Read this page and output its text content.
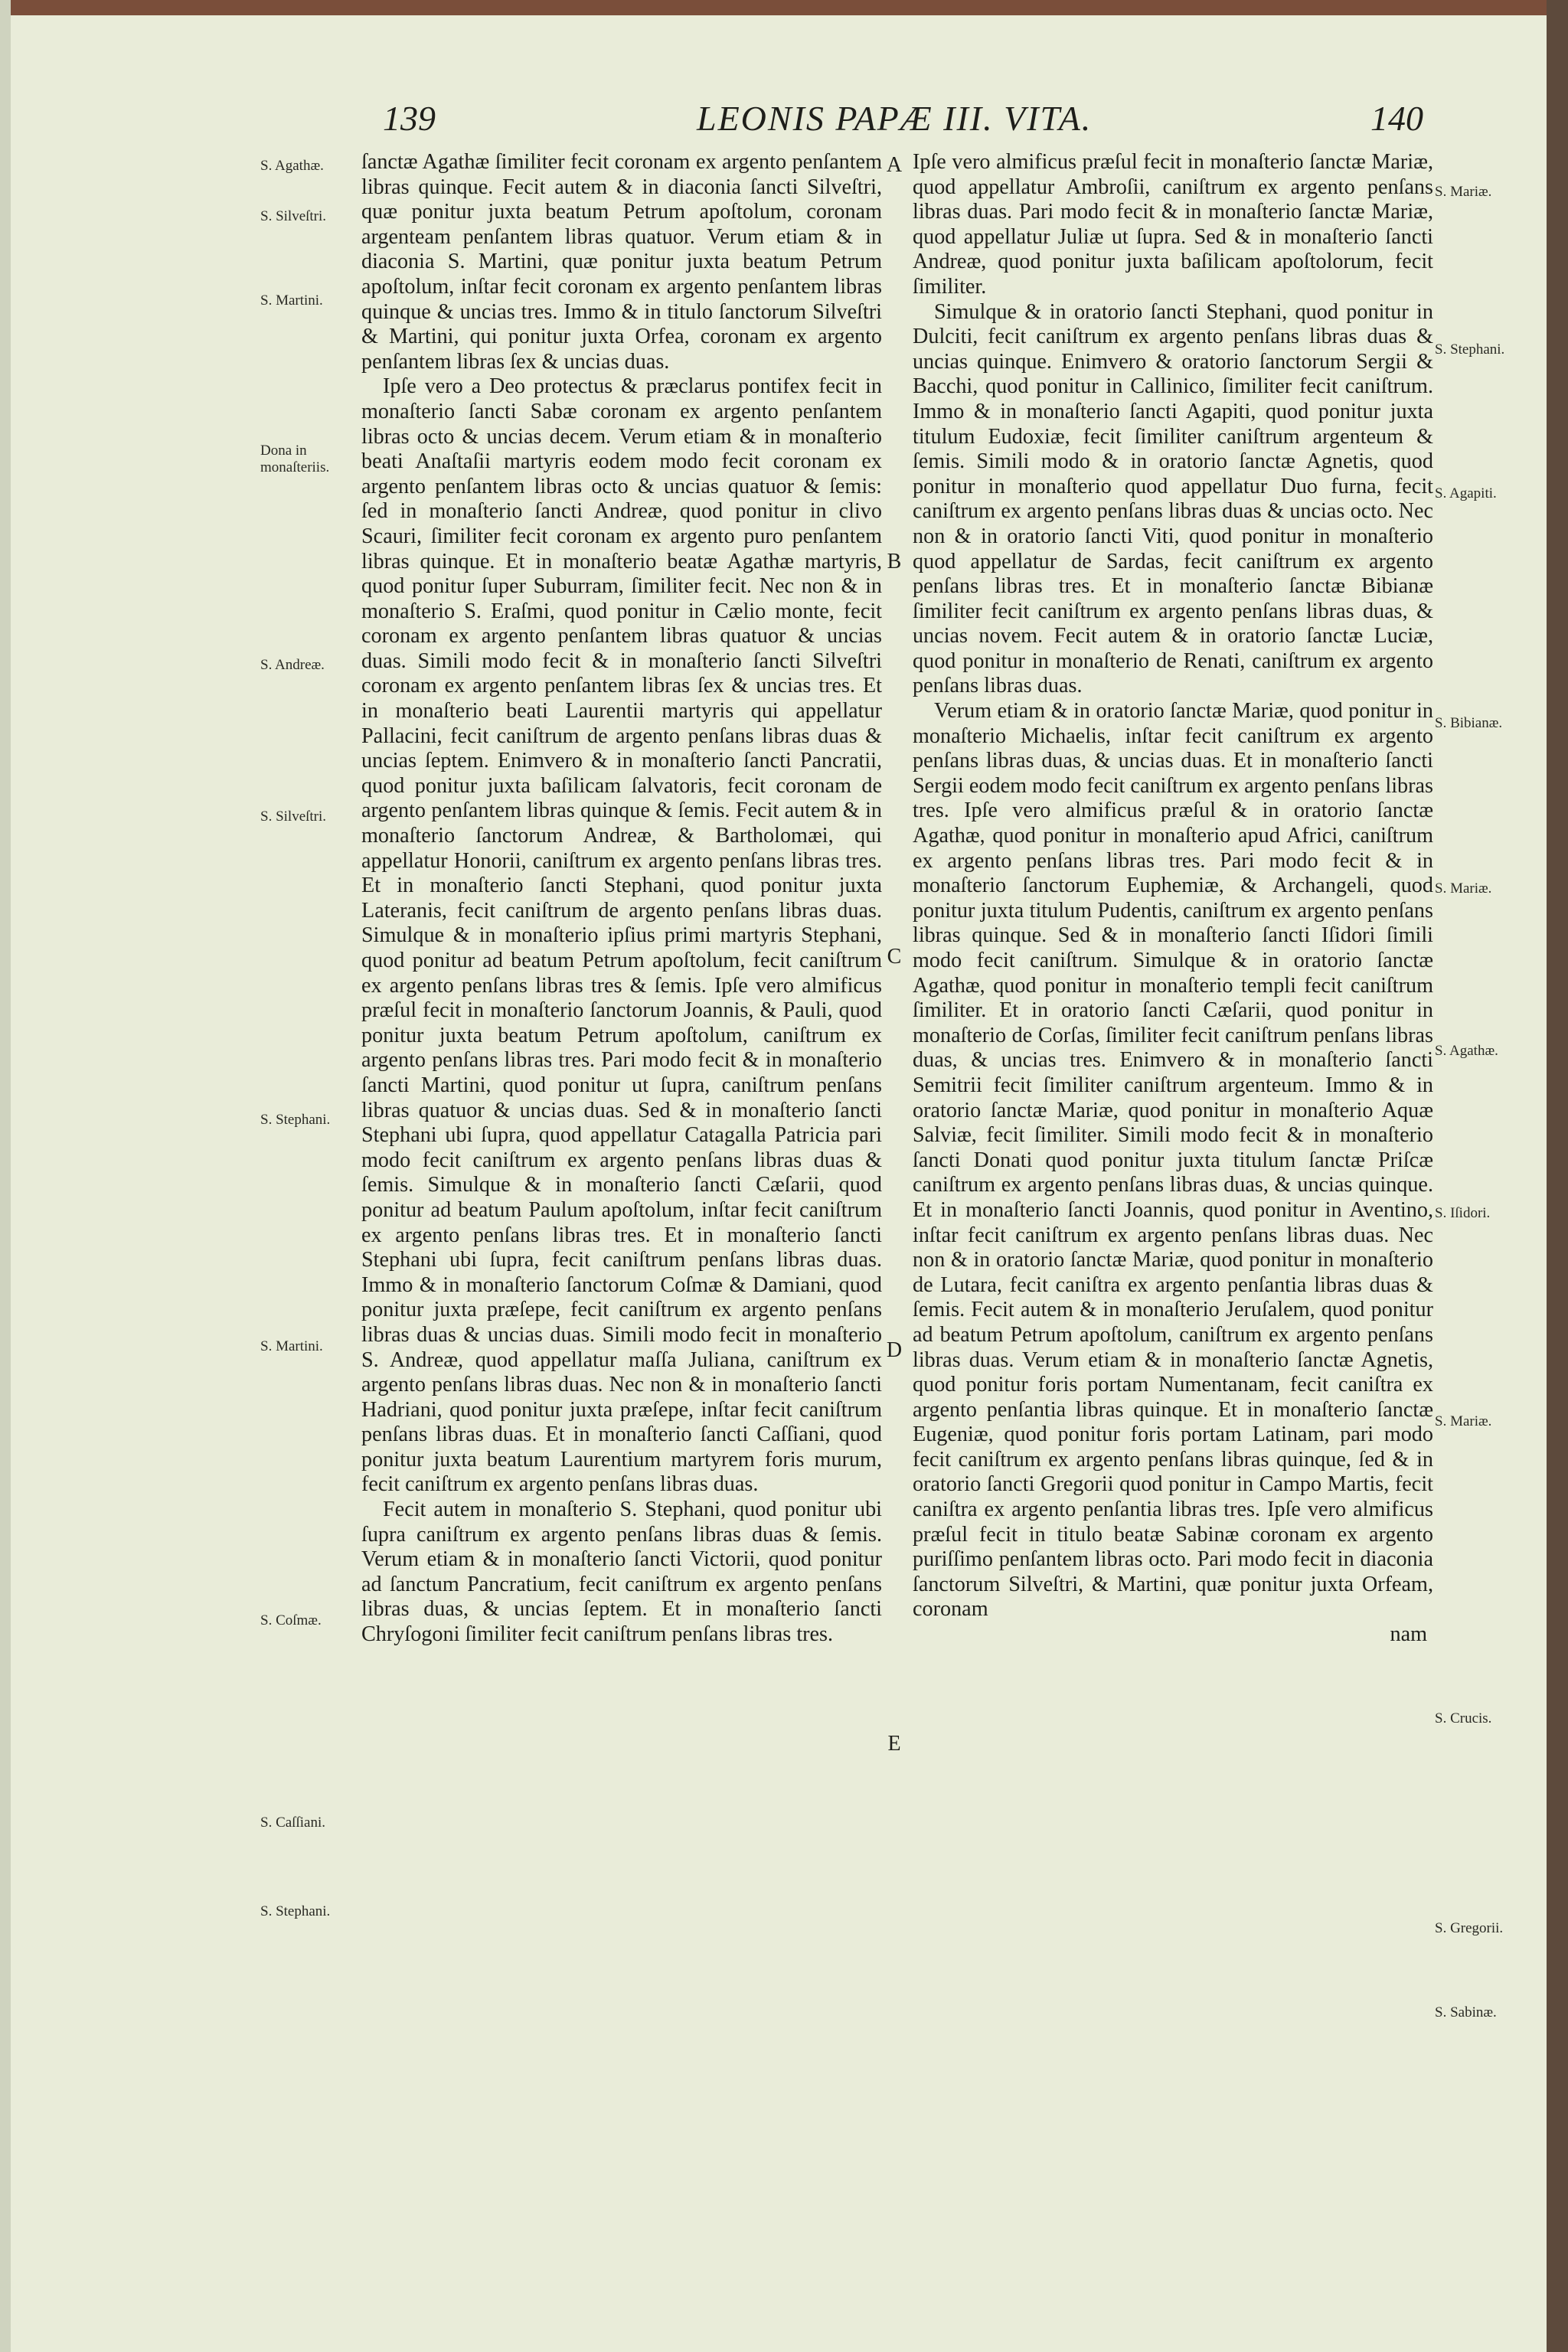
139	LEONIS PAPÆ III. VITA.	140

ſanctæ Agathæ ſimiliter fecit coronam ex argento penſantem libras quinque. Fecit autem & in diaconia ſancti Silveſtri, quæ ponitur juxta beatum Petrum apoſtolum, coronam argenteam penſantem libras quatuor. Verum etiam & in diaconia S. Martini, quæ ponitur juxta beatum Petrum apoſtolum, inſtar fecit coronam ex argento penſantem libras quinque & uncias tres. Immo & in titulo ſanctorum Silveſtri & Martini, qui ponitur juxta Orfea, coronam ex argento penſantem libras ſex & uncias duas.

Ipſe vero a Deo protectus & præclarus pontifex fecit in monaſterio ſancti Sabæ coronam ex argento penſantem libras octo & uncias decem. Verum etiam & in monaſterio beati Anaſtaſii martyris eodem modo fecit coronam ex argento penſantem libras octo & uncias quatuor & ſemis: ſed in monaſterio ſancti Andreæ, quod ponitur in clivo Scauri, ſimiliter fecit coronam ex argento puro penſantem libras quinque. Et in monaſterio beatæ Agathæ martyris, quod ponitur ſuper Suburram, ſimiliter fecit. Nec non & in monaſterio S. Eraſmi, quod ponitur in Cælio monte, fecit coronam ex argento penſantem libras quatuor & uncias duas. Simili modo fecit & in monaſterio ſancti Silveſtri coronam ex argento penſantem libras ſex & uncias tres. Et in monaſterio beati Laurentii martyris qui appellatur Pallacini, fecit caniſtrum de argento penſans libras duas & uncias ſeptem. Enimvero & in monaſterio ſancti Pancratii, quod ponitur juxta baſilicam ſalvatoris, fecit coronam de argento penſantem libras quinque & ſemis. Fecit autem & in monaſterio ſanctorum Andreæ, & Bartholomæi, qui appellatur Honorii, caniſtrum ex argento penſans libras tres. Et in monaſterio ſancti Stephani, quod ponitur juxta Lateranis, fecit caniſtrum de argento penſans libras duas. Simulque & in monaſterio ipſius primi martyris Stephani, quod ponitur ad beatum Petrum apoſtolum, fecit caniſtrum ex argento penſans libras tres & ſemis. Ipſe vero almificus præſul fecit in monaſterio ſanctorum Joannis, & Pauli, quod ponitur juxta beatum Petrum apoſtolum, caniſtrum ex argento penſans libras tres. Pari modo fecit & in monaſterio ſancti Martini, quod ponitur ut ſupra, caniſtrum penſans libras quatuor & uncias duas. Sed & in monaſterio ſancti Stephani ubi ſupra, quod appellatur Catagalla Patricia pari modo fecit caniſtrum ex argento penſans libras duas & ſemis. Simulque & in monaſterio ſancti Cæſarii, quod ponitur ad beatum Paulum apoſtolum, inſtar fecit caniſtrum ex argento penſans libras tres. Et in monaſterio ſancti Stephani ubi ſupra, fecit caniſtrum penſans libras duas. Immo & in monaſterio ſanctorum Coſmæ & Damiani, quod ponitur juxta præſepe, fecit caniſtrum ex argento penſans libras duas & uncias duas. Simili modo fecit in monaſterio S. Andreæ, quod appellatur maſſa Juliana, caniſtrum ex argento penſans libras duas. Nec non & in monaſterio ſancti Hadriani, quod ponitur juxta præſepe, inſtar fecit caniſtrum penſans libras duas. Et in monaſterio ſancti Caſſiani, quod ponitur juxta beatum Laurentium martyrem foris murum, fecit caniſtrum ex argento penſans libras duas.

Fecit autem in monaſterio S. Stephani, quod ponitur ubi ſupra caniſtrum ex argento penſans libras duas & ſemis. Verum etiam & in monaſterio ſancti Victorii, quod ponitur ad ſanctum Pancratium, fecit caniſtrum ex argento penſans libras duas, & uncias ſeptem. Et in monaſterio ſancti Chryſogoni ſimiliter fecit caniſtrum penſans libras tres.

Ipſe vero almificus præſul fecit in monaſterio ſanctæ Mariæ, quod appellatur Ambroſii, caniſtrum ex argento penſans libras duas. Pari modo fecit & in monaſterio ſanctæ Mariæ, quod appellatur Juliæ ut ſupra. Sed & in monaſterio ſancti Andreæ, quod ponitur juxta baſilicam apoſtolorum, fecit ſimiliter.

Simulque & in oratorio ſancti Stephani, quod ponitur in Dulciti, fecit caniſtrum ex argento penſans libras duas & uncias quinque. Enimvero & oratorio ſanctorum Sergii & Bacchi, quod ponitur in Callinico, ſimiliter fecit caniſtrum. Immo & in monaſterio ſancti Agapiti, quod ponitur juxta titulum Eudoxiæ, fecit ſimiliter caniſtrum argenteum & ſemis. Simili modo & in oratorio ſanctæ Agnetis, quod ponitur in monaſterio quod appellatur Duo furna, fecit caniſtrum ex argento penſans libras duas & uncias octo. Nec non & in oratorio ſancti Viti, quod ponitur in monaſterio quod appellatur de Sardas, fecit caniſtrum ex argento penſans libras tres. Et in monaſterio ſanctæ Bibianæ ſimiliter fecit caniſtrum ex argento penſans libras duas, & uncias novem. Fecit autem & in oratorio ſanctæ Luciæ, quod ponitur in monaſterio de Renati, caniſtrum ex argento penſans libras duas.

Verum etiam & in oratorio ſanctæ Mariæ, quod ponitur in monaſterio Michaelis, inſtar fecit caniſtrum ex argento penſans libras duas, & uncias duas. Et in monaſterio ſancti Sergii eodem modo fecit caniſtrum ex argento penſans libras tres. Ipſe vero almificus præſul & in oratorio ſanctæ Agathæ, quod ponitur in monaſterio apud Africi, caniſtrum ex argento penſans libras tres. Pari modo fecit & in monaſterio ſanctorum Euphemiæ, & Archangeli, quod ponitur juxta titulum Pudentis, caniſtrum ex argento penſans libras quinque. Sed & in monaſterio ſancti Iſidori ſimili modo fecit caniſtrum. Simulque & in oratorio ſanctæ Agathæ, quod ponitur in monaſterio templi fecit caniſtrum ſimiliter. Et in oratorio ſancti Cæſarii, quod ponitur in monaſterio de Corſas, ſimiliter fecit caniſtrum penſans libras duas, & uncias tres. Enimvero & in monaſterio ſancti Semitrii fecit ſimiliter caniſtrum argenteum. Immo & in oratorio ſanctæ Mariæ, quod ponitur in monaſterio Aquæ Salviæ, fecit ſimiliter. Simili modo fecit & in monaſterio ſancti Donati quod ponitur juxta titulum ſanctæ Priſcæ caniſtrum ex argento penſans libras duas, & uncias quinque. Et in monaſterio ſancti Joannis, quod ponitur in Aventino, inſtar fecit caniſtrum ex argento penſans libras duas. Nec non & in oratorio ſanctæ Mariæ, quod ponitur in monaſterio de Lutara, fecit caniſtra ex argento penſantia libras duas & ſemis. Fecit autem & in monaſterio Jeruſalem, quod ponitur ad beatum Petrum apoſtolum, caniſtrum ex argento penſans libras duas. Verum etiam & in monaſterio ſanctæ Agnetis, quod ponitur foris portam Numentanam, fecit caniſtra ex argento penſantia libras quinque. Et in monaſterio ſanctæ Eugeniæ, quod ponitur foris portam Latinam, pari modo fecit caniſtrum ex argento penſans libras quinque, ſed & in oratorio ſancti Gregorii quod ponitur in Campo Martis, fecit caniſtra ex argento penſantia libras tres. Ipſe vero almificus præſul fecit in titulo beatæ Sabinæ coronam ex argento puriſſimo penſantem libras octo. Pari modo fecit in diaconia ſanctorum Silveſtri, & Martini, quæ ponitur juxta Orfeam, coronam

nam
A
B
C
D
E
S. Agathæ.
S. Silveſtri.
S. Martini.
Dona in monaſteriis.
S. Andreæ.
S. Silveſtri.
S. Stephani.
S. Martini.
S. Coſmæ.
S. Caſſiani.
S. Stephani.
S. Mariæ.
S. Stephani.
S. Agapiti.
S. Bibianæ.
S. Mariæ.
S. Agathæ.
S. Iſidori.
S. Mariæ.
S. Crucis.
S. Gregorii.
S. Sabinæ.
